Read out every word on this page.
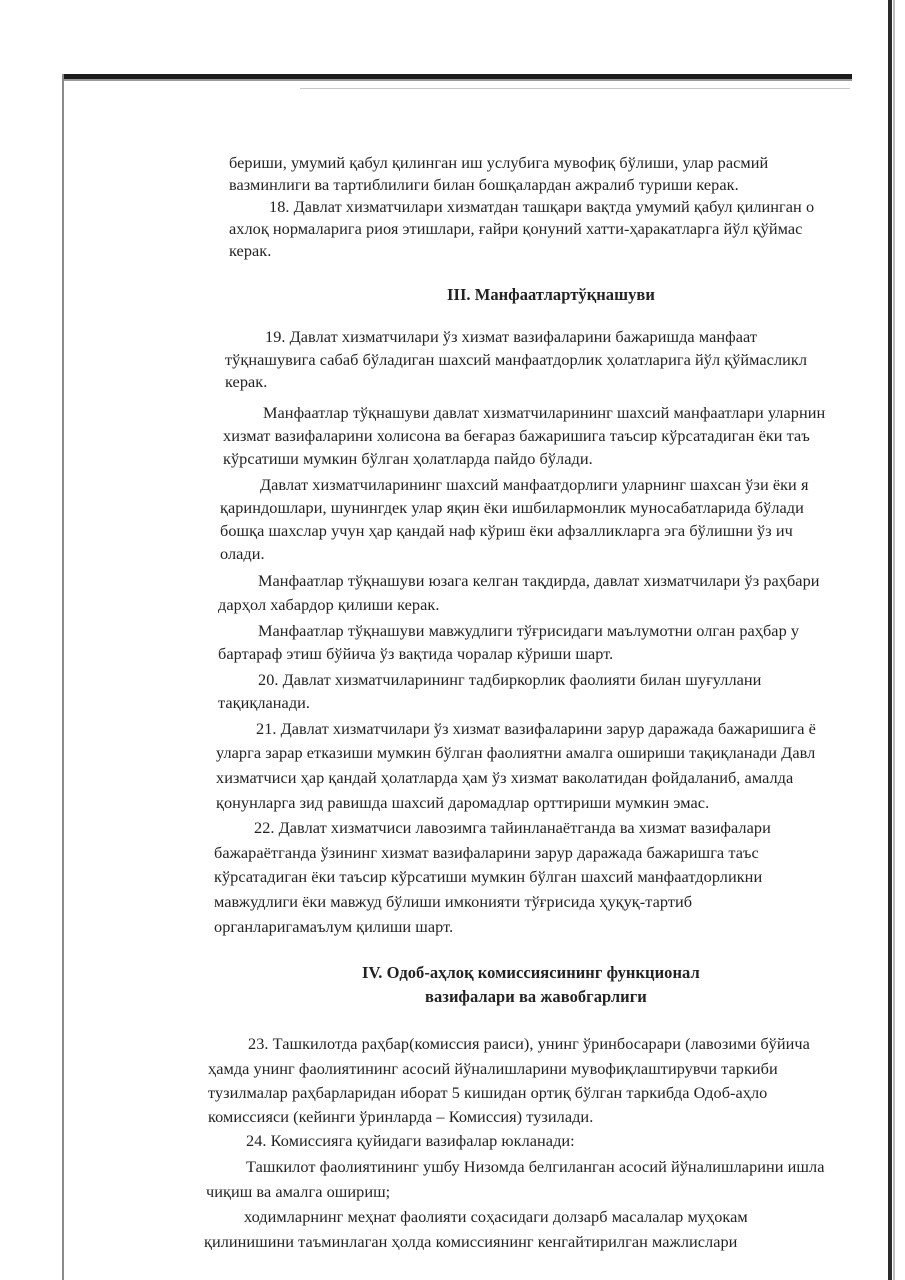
бериши, умумий қабул қилинган иш услубига мувофиқ бўлиши, улар расмий
вазминлиги ва тартиблилиги билан бошқалардан ажралиб туриши керак.
18. Давлат хизматчилари хизматдан ташқари вақтда умумий қабул қилинган о
ахлоқ нормаларига риоя этишлари, ғайри қонуний хатти-ҳаракатларга йўл қўймас
керак.
III. Манфаатлартўқнашуви
19. Давлат хизматчилари ўз хизмат вазифаларини бажаришда манфаат
тўқнашувига сабаб бўладиган шахсий манфаатдорлик ҳолатларига йўл қўймасликл
керак.
Манфаатлар тўқнашуви давлат хизматчиларининг шахсий манфаатлари уларнин
хизмат вазифаларини холисона ва беғараз бажаришига таъсир кўрсатадиган ёки таъ
кўрсатиши мумкин бўлган ҳолатларда пайдо бўлади.
Давлат хизматчиларининг шахсий манфаатдорлиги уларнинг шахсан ўзи ёки я
қариндошлари, шунингдек улар яқин ёки ишбилармонлик муносабатларида бўлади
бошқа шахслар учун ҳар қандай наф кўриш ёки афзалликларга эга бўлишни ўз ич
олади.
Манфаатлар тўқнашуви юзага келган тақдирда, давлат хизматчилари ўз раҳбари
дарҳол хабардор қилиши керак.
Манфаатлар тўқнашуви мавжудлиги тўғрисидаги маълумотни олган раҳбар у
бартараф этиш бўйича ўз вақтида чоралар кўриши шарт.
20. Давлат хизматчиларининг тадбиркорлик фаолияти билан шуғуллани
тақиқланади.
21. Давлат хизматчилари ўз хизмат вазифаларини зарур даражада бажаришига ё
уларга зарар етказиши мумкин бўлган фаолиятни амалга ошириши тақиқланади Давл
хизматчиси ҳар қандай ҳолатларда ҳам ўз хизмат ваколатидан фойдаланиб, амалда
қонунларга зид равишда шахсий даромадлар орттириши мумкин эмас.
22. Давлат хизматчиси лавозимга тайинланаётганда ва хизмат вазифалари
бажараётганда ўзининг хизмат вазифаларини зарур даражада бажаришга таъс
кўрсатадиган ёки таъсир кўрсатиши мумкин бўлган шахсий манфаатдорликни
мавжудлиги ёки мавжуд бўлиши имконияти тўғрисида ҳуқуқ-тартиб
органларигамаълум қилиши шарт.
IV. Одоб-аҳлоқ комиссиясининг функционал
вазифалари ва жавобгарлиги
23. Ташкилотда раҳбар(комиссия раиси), унинг ўринбосарари (лавозими бўйича
ҳамда унинг фаолиятининг асосий йўналишларини мувофиқлаштирувчи таркиби
тузилмалар раҳбарларидан иборат 5 кишидан ортиқ бўлган таркибда Одоб-аҳло
комиссияси (кейинги ўринларда – Комиссия) тузилади.
24. Комиссияга қуйидаги вазифалар юкланади:
Ташкилот фаолиятининг ушбу Низомда белгиланган асосий йўналишларини ишла
чиқиш ва амалга ошириш;
ходимларнинг меҳнат фаолияти соҳасидаги долзарб масалалар муҳокам
қилинишини таъминлаган ҳолда комиссиянинг кенгайтирилган мажлислари
